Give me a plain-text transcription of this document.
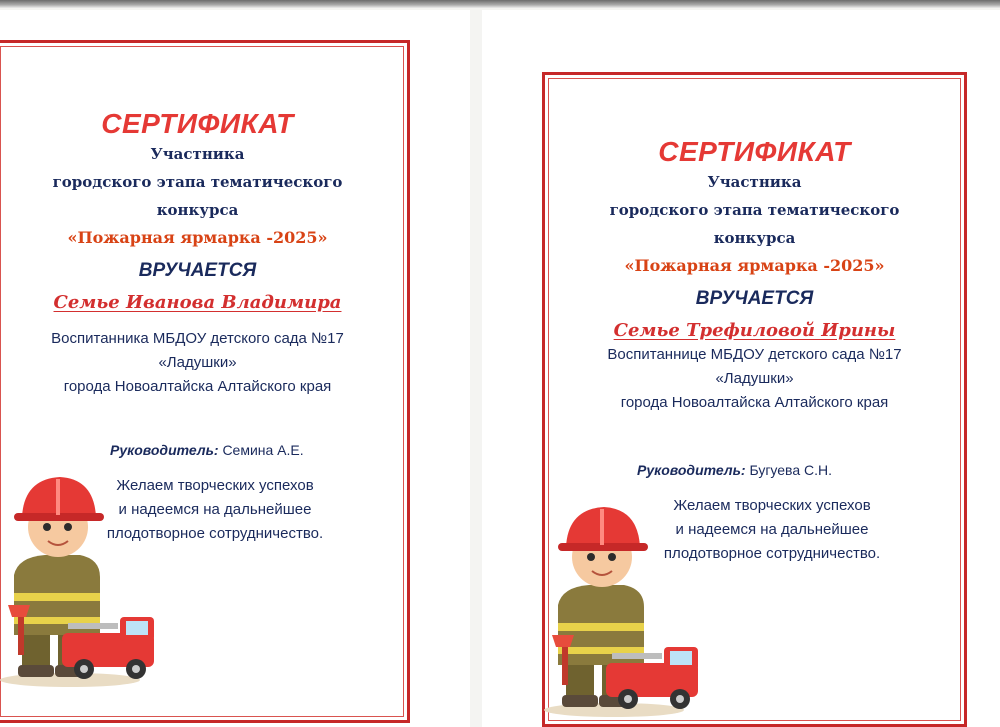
СЕРТИФИКАТ
Участника
городского этапа тематического
конкурса
«Пожарная ярмарка -2025»
ВРУЧАЕТСЯ
Семье Иванова Владимира
Воспитанника МБДОУ детского сада №17
«Ладушки»
города Новоалтайска Алтайского края
Руководитель: Семина А.Е.
Желаем творческих успехов
и надеемся на дальнейшее
плодотворное сотрудничество.
СЕРТИФИКАТ
Участника
городского этапа тематического
конкурса
«Пожарная ярмарка -2025»
ВРУЧАЕТСЯ
Семье Трефиловой Ирины
Воспитаннице МБДОУ детского сада №17
«Ладушки»
города Новоалтайска Алтайского края
Руководитель: Бугуева С.Н.
Желаем творческих успехов
и надеемся на дальнейшее
плодотворное сотрудничество.
